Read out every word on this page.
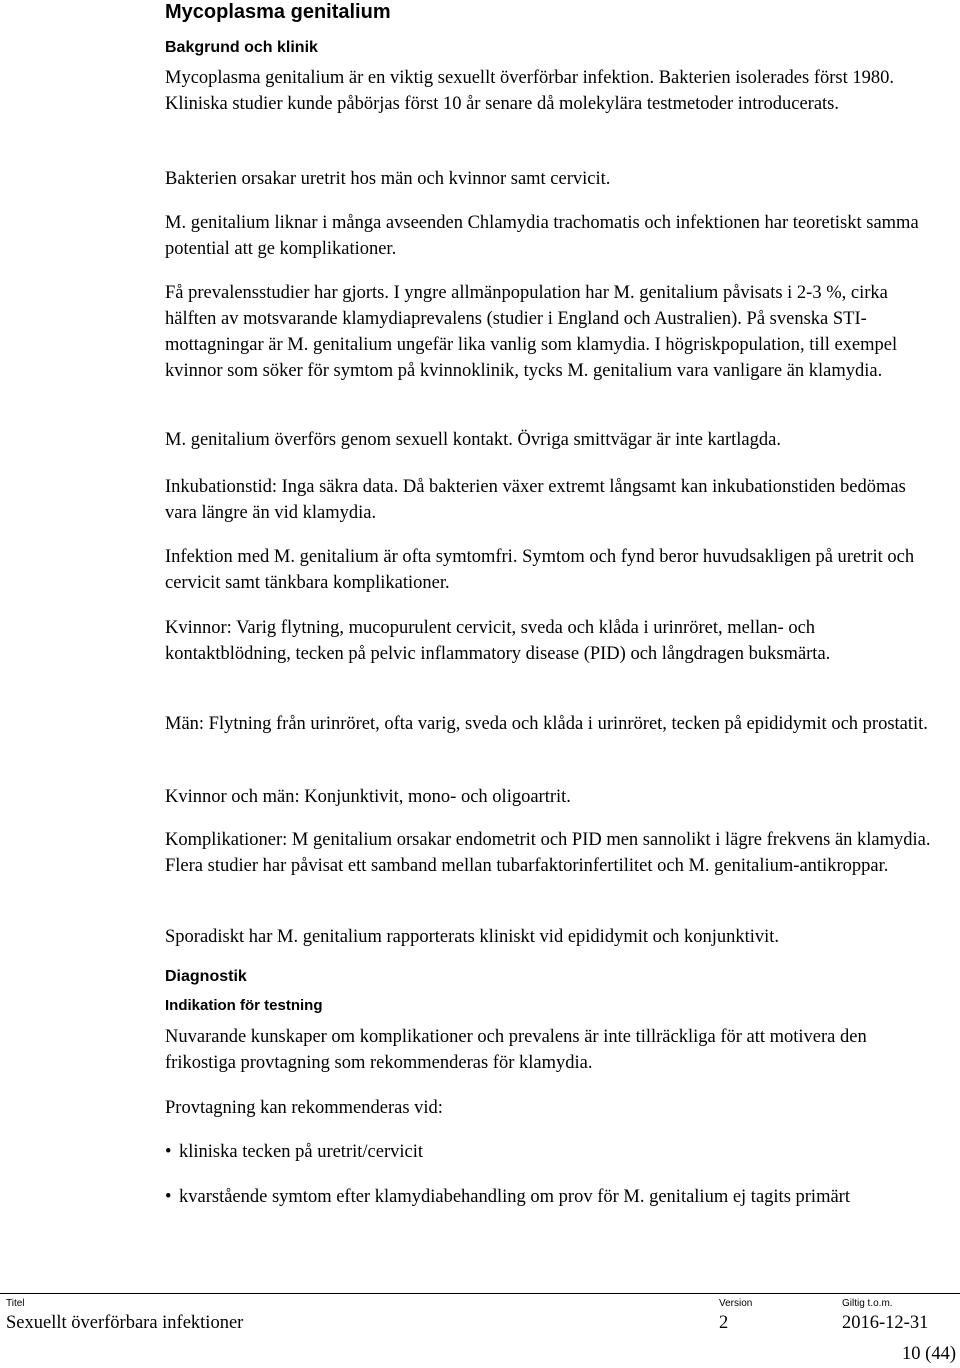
Mycoplasma genitalium
Bakgrund och klinik

Mycoplasma genitalium är en viktig sexuellt överförbar infektion. Bakterien isolerades först 1980. Kliniska studier kunde påbörjas först 10 år senare då molekylära testmetoder introducerats.

Bakterien orsakar uretrit hos män och kvinnor samt cervicit.

M. genitalium liknar i många avseenden Chlamydia trachomatis och infektionen har teoretiskt samma potential att ge komplikationer.

Få prevalensstudier har gjorts. I yngre allmänpopulation har M. genitalium påvisats i 2-3 %, cirka hälften av motsvarande klamydiaprevalens (studier i England och Australien). På svenska STI-mottagningar är M. genitalium ungefär lika vanlig som klamydia. I högriskpopulation, till exempel kvinnor som söker för symtom på kvinnoklinik, tycks M. genitalium vara vanligare än klamydia.

M. genitalium överförs genom sexuell kontakt. Övriga smittvägar är inte kartlagda.

Inkubationstid: Inga säkra data. Då bakterien växer extremt långsamt kan inkubationstiden bedömas vara längre än vid klamydia.

Infektion med M. genitalium är ofta symtomfri. Symtom och fynd beror huvudsakligen på uretrit och cervicit samt tänkbara komplikationer.

Kvinnor: Varig flytning, mucopurulent cervicit, sveda och klåda i urinröret, mellan- och kontaktblödning, tecken på pelvic inflammatory disease (PID) och långdragen buksmärta.

Män: Flytning från urinröret, ofta varig, sveda och klåda i urinröret, tecken på epididymit och prostatit.

Kvinnor och män: Konjunktivit, mono- och oligoartrit.

Komplikationer: M genitalium orsakar endometrit och PID men sannolikt i lägre frekvens än klamydia. Flera studier har påvisat ett samband mellan tubarfaktorinfertilitet och M. genitalium-antikroppar.

Sporadiskt har M. genitalium rapporterats kliniskt vid epididymit och konjunktivit.

Diagnostik
Indikation för testning

Nuvarande kunskaper om komplikationer och prevalens är inte tillräckliga för att motivera den frikostiga provtagning som rekommenderas för klamydia.

Provtagning kan rekommenderas vid:

• kliniska tecken på uretrit/cervicit
• kvarstående symtom efter klamydiabehandling om prov för M. genitalium ej tagits primärt
Titel	Version	Giltig t.o.m.
Sexuellt överförbara infektioner	2	2016-12-31
10 (44)
